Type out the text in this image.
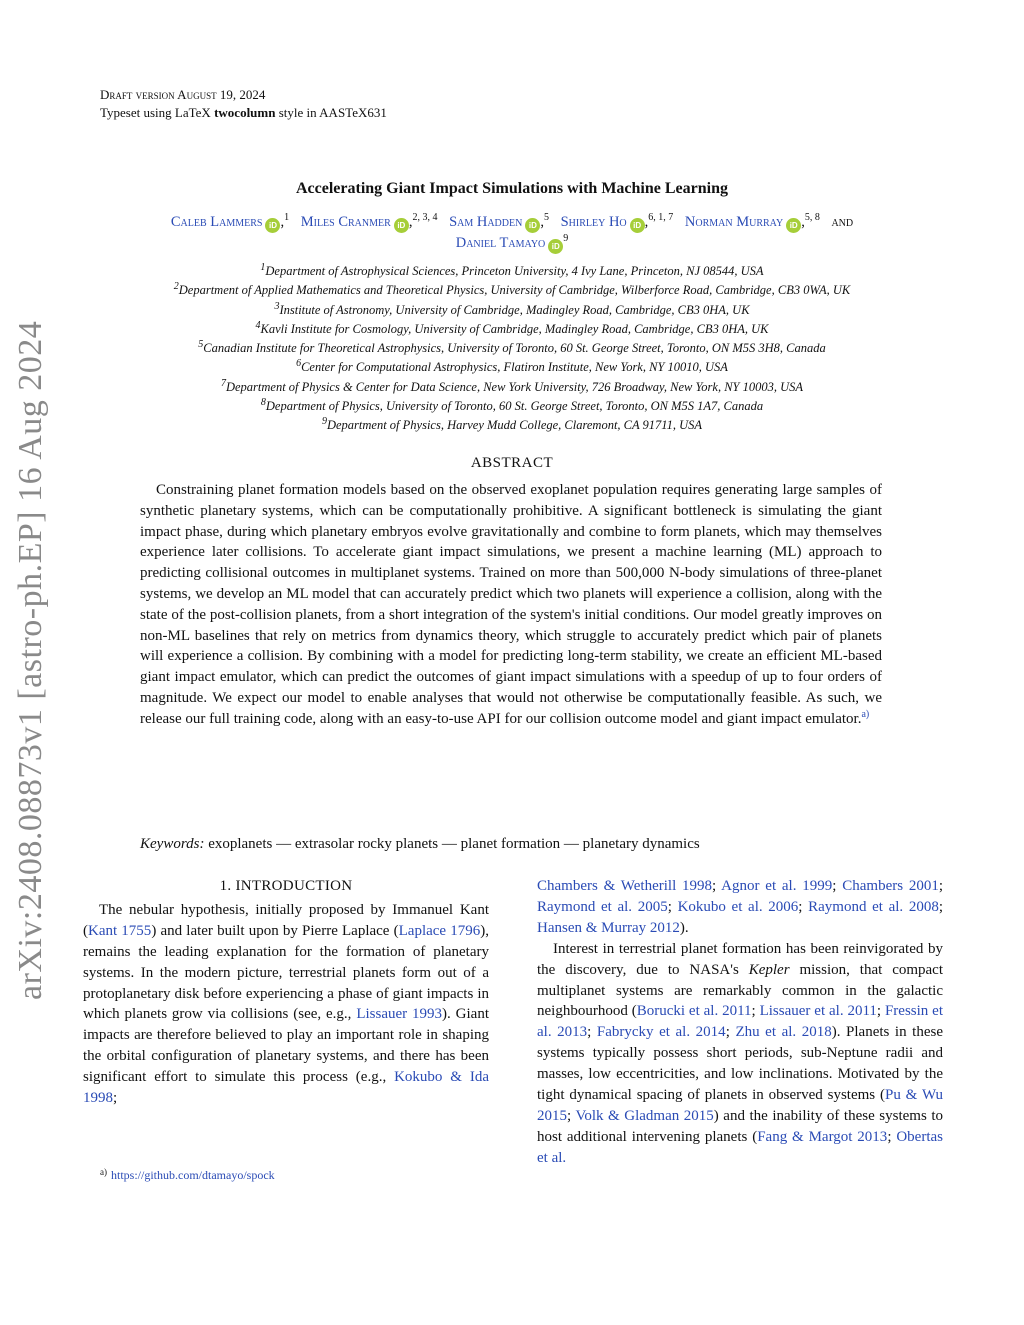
arXiv:2408.08873v1 [astro-ph.EP] 16 Aug 2024
Draft version August 19, 2024
Typeset using LaTeX twocolumn style in AASTeX631
Accelerating Giant Impact Simulations with Machine Learning
Caleb Lammers iD ,$^1$ Miles Cranmer iD ,$^{2, 3, 4}$ Sam Hadden iD ,$^5$ Shirley Ho iD ,$^{6, 1, 7}$ Norman Murray iD ,$^{5, 8}$ and
Daniel Tamayo $iD^9$
$^1$Department of Astrophysical Sciences, Princeton University, 4 Ivy Lane, Princeton, NJ 08544, USA
$^2$Department of Applied Mathematics and Theoretical Physics, University of Cambridge, Wilberforce Road, Cambridge, CB3 0WA, UK
$^3$Institute of Astronomy, University of Cambridge, Madingley Road, Cambridge, CB3 0HA, UK
$^4$Kavli Institute for Cosmology, University of Cambridge, Madingley Road, Cambridge, CB3 0HA, UK
$^5$Canadian Institute for Theoretical Astrophysics, University of Toronto, 60 St. George Street, Toronto, ON M5S 3H8, Canada
$^6$Center for Computational Astrophysics, Flatiron Institute, New York, NY 10010, USA
$^7$Department of Physics & Center for Data Science, New York University, 726 Broadway, New York, NY 10003, USA
$^8$Department of Physics, University of Toronto, 60 St. George Street, Toronto, ON M5S 1A7, Canada
$^9$Department of Physics, Harvey Mudd College, Claremont, CA 91711, USA
ABSTRACT

Constraining planet formation models based on the observed exoplanet population requires generating large samples of synthetic planetary systems, which can be computationally prohibitive. A significant bottleneck is simulating the giant impact phase, during which planetary embryos evolve gravitationally and combine to form planets, which may themselves experience later collisions. To accelerate giant impact simulations, we present a machine learning (ML) approach to predicting collisional outcomes in multiplanet systems. Trained on more than 500,000 N-body simulations of three-planet systems, we develop an ML model that can accurately predict which two planets will experience a collision, along with the state of the post-collision planets, from a short integration of the system's initial conditions. Our model greatly improves on non-ML baselines that rely on metrics from dynamics theory, which struggle to accurately predict which pair of planets will experience a collision. By combining with a model for predicting long-term stability, we create an efficient ML-based giant impact emulator, which can predict the outcomes of giant impact simulations with a speedup of up to four orders of magnitude. We expect our model to enable analyses that would not otherwise be computationally feasible. As such, we release our full training code, along with an easy-to-use API for our collision outcome model and giant impact emulator.$^{a)}$

Keywords: exoplanets — extrasolar rocky planets — planet formation — planetary dynamics
1. INTRODUCTION

The nebular hypothesis, initially proposed by Immanuel Kant (Kant 1755) and later built upon by Pierre Laplace (Laplace 1796), remains the leading explanation for the formation of planetary systems. In the modern picture, terrestrial planets form out of a protoplanetary disk before experiencing a phase of giant impacts in which planets grow via collisions (see, e.g., Lissauer 1993). Giant impacts are therefore believed to play an important role in shaping the orbital configuration of planetary systems, and there has been significant effort to simulate this process (e.g., Kokubo & Ida 1998;

Chambers & Wetherill 1998; Agnor et al. 1999; Chambers 2001; Raymond et al. 2005; Kokubo et al. 2006; Raymond et al. 2008; Hansen & Murray 2012).

Interest in terrestrial planet formation has been reinvigorated by the discovery, due to NASA's Kepler mission, that compact multiplanet systems are remarkably common in the galactic neighbourhood (Borucki et al. 2011; Lissauer et al. 2011; Fressin et al. 2013; Fabrycky et al. 2014; Zhu et al. 2018). Planets in these systems typically possess short periods, sub-Neptune radii and masses, low eccentricities, and low inclinations. Motivated by the tight dynamical spacing of planets in observed systems (Pu & Wu 2015; Volk & Gladman 2015) and the inability of these systems to host additional intervening planets (Fang & Margot 2013; Obertas et al.

$^{a)}$ https://github.com/dtamayo/spock
